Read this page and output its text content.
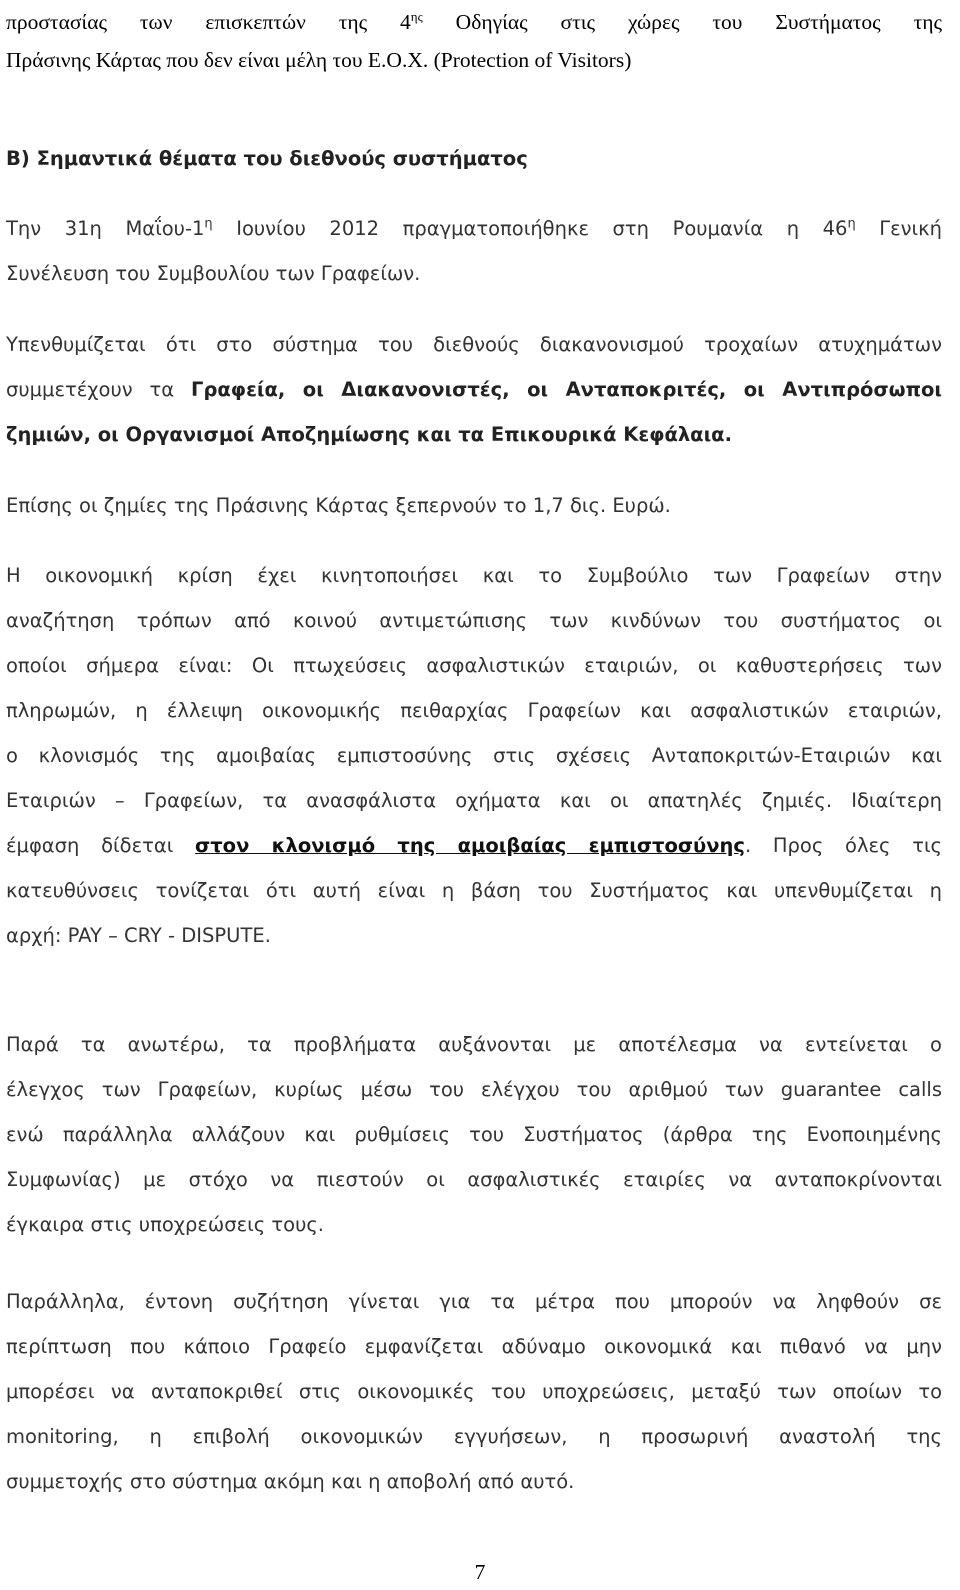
προστασίας των επισκεπτών της $4^{\eta\varsigma}$ Οδηγίας στις χώρες του Συστήματος της
Πράσινης Κάρτας που δεν είναι μέλη του Ε.Ο.Χ. (Protection of Visitors)
Β) Σημαντικά θέματα του διεθνούς συστήματος
Την 31η Μαΐου-$1^\eta$ Ιουνίου 2012 πραγματοποιήθηκε στη Ρουμανία η $46^\eta$ Γενική
Συνέλευση του Συμβουλίου των Γραφείων.
Υπενθυμίζεται ότι στο σύστημα του διεθνούς διακανονισμού τροχαίων ατυχημάτων
συμμετέχουν τα Γραφεία, οι Διακανονιστές, οι Ανταποκριτές, οι Αντιπρόσωποι
ζημιών, οι Οργανισμοί Αποζημίωσης και τα Επικουρικά Κεφάλαια.
Επίσης οι ζημίες της Πράσινης Κάρτας ξεπερνούν το 1,7 δις. Ευρώ.
Η οικονομική κρίση έχει κινητοποιήσει και το Συμβούλιο των Γραφείων στην
αναζήτηση τρόπων από κοινού αντιμετώπισης των κινδύνων του συστήματος οι
οποίοι σήμερα είναι: Οι πτωχεύσεις ασφαλιστικών εταιριών, οι καθυστερήσεις των
πληρωμών, η έλλειψη οικονομικής πειθαρχίας Γραφείων και ασφαλιστικών εταιριών,
ο κλονισμός της αμοιβαίας εμπιστοσύνης στις σχέσεις Ανταποκριτών-Εταιριών και
Εταιριών – Γραφείων, τα ανασφάλιστα οχήματα και οι απατηλές ζημιές. Ιδιαίτερη
έμφαση δίδεται στον κλονισμό της αμοιβαίας εμπιστοσύνης. Προς όλες τις
κατευθύνσεις τονίζεται ότι αυτή είναι η βάση του Συστήματος και υπενθυμίζεται η
αρχή: PAY – CRY - DISPUTE.
Παρά τα ανωτέρω, τα προβλήματα αυξάνονται με αποτέλεσμα να εντείνεται ο
έλεγχος των Γραφείων, κυρίως μέσω του ελέγχου του αριθμού των guarantee calls
ενώ παράλληλα αλλάζουν και ρυθμίσεις του Συστήματος (άρθρα της Ενοποιημένης
Συμφωνίας) με στόχο να πιεστούν οι ασφαλιστικές εταιρίες να ανταποκρίνονται
έγκαιρα στις υποχρεώσεις τους.
Παράλληλα, έντονη συζήτηση γίνεται για τα μέτρα που μπορούν να ληφθούν σε
περίπτωση που κάποιο Γραφείο εμφανίζεται αδύναμο οικονομικά και πιθανό να μην
μπορέσει να ανταποκριθεί στις οικονομικές του υποχρεώσεις, μεταξύ των οποίων το
monitoring, η επιβολή οικονομικών εγγυήσεων, η προσωρινή αναστολή της
συμμετοχής στο σύστημα ακόμη και η αποβολή από αυτό.
7
